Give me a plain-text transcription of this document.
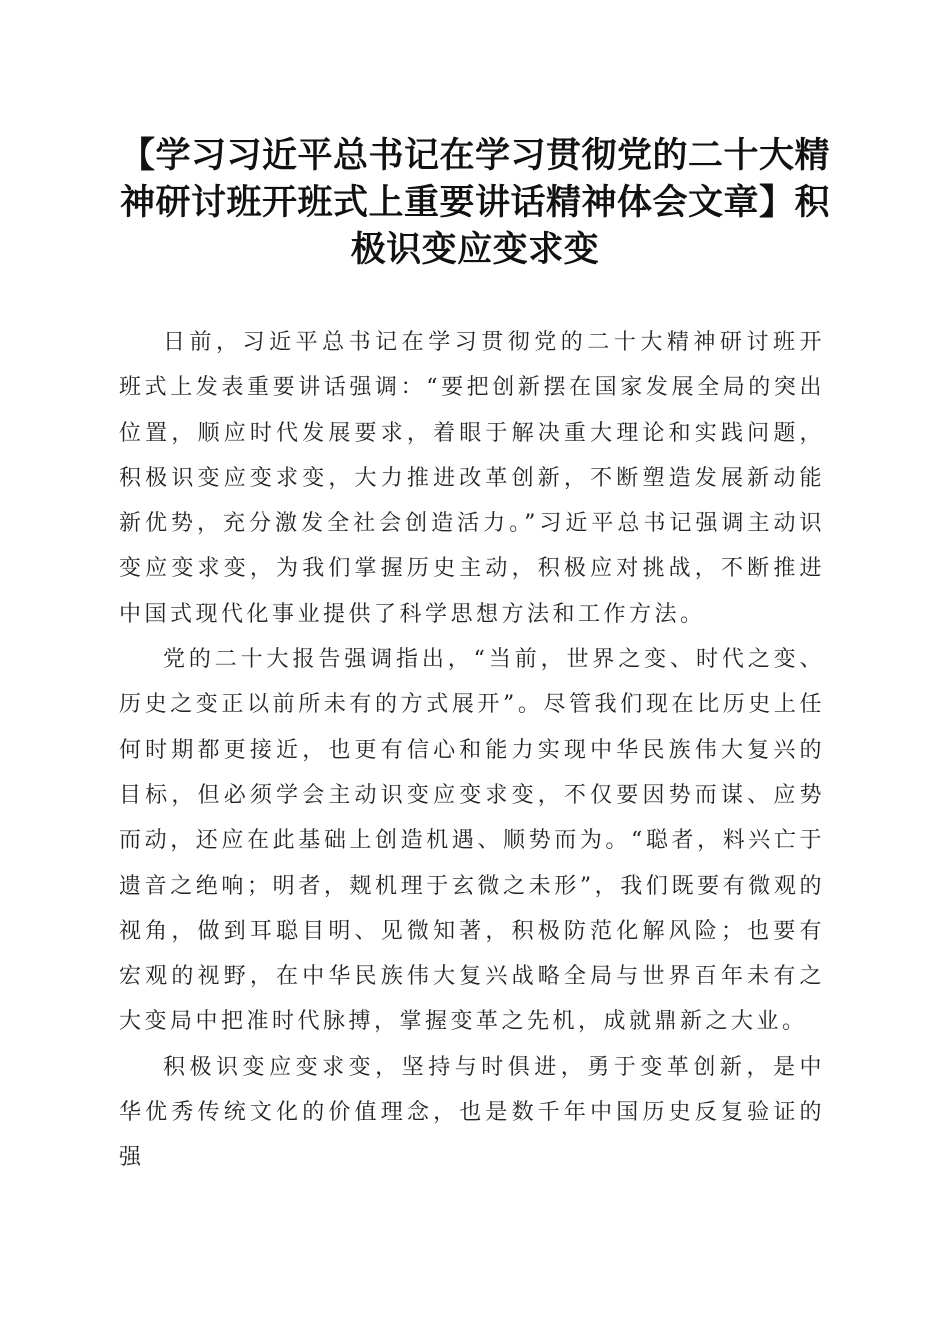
【学习习近平总书记在学习贯彻党的二十大精神研讨班开班式上重要讲话精神体会文章】积极识变应变求变

日前，习近平总书记在学习贯彻党的二十大精神研讨班开班式上发表重要讲话强调：“要把创新摆在国家发展全局的突出位置，顺应时代发展要求，着眼于解决重大理论和实践问题，积极识变应变求变，大力推进改革创新，不断塑造发展新动能新优势，充分激发全社会创造活力。”习近平总书记强调主动识变应变求变，为我们掌握历史主动，积极应对挑战，不断推进中国式现代化事业提供了科学思想方法和工作方法。

党的二十大报告强调指出，“当前，世界之变、时代之变、历史之变正以前所未有的方式展开”。尽管我们现在比历史上任何时期都更接近，也更有信心和能力实现中华民族伟大复兴的目标，但必须学会主动识变应变求变，不仅要因势而谋、应势而动，还应在此基础上创造机遇、顺势而为。“聪者，料兴亡于遗音之绝响；明者，觌机理于玄微之未形”，我们既要有微观的视角，做到耳聪目明、见微知著，积极防范化解风险；也要有宏观的视野，在中华民族伟大复兴战略全局与世界百年未有之大变局中把准时代脉搏，掌握变革之先机，成就鼎新之大业。

积极识变应变求变，坚持与时俱进，勇于变革创新，是中华优秀传统文化的价值理念，也是数千年中国历史反复验证的强
